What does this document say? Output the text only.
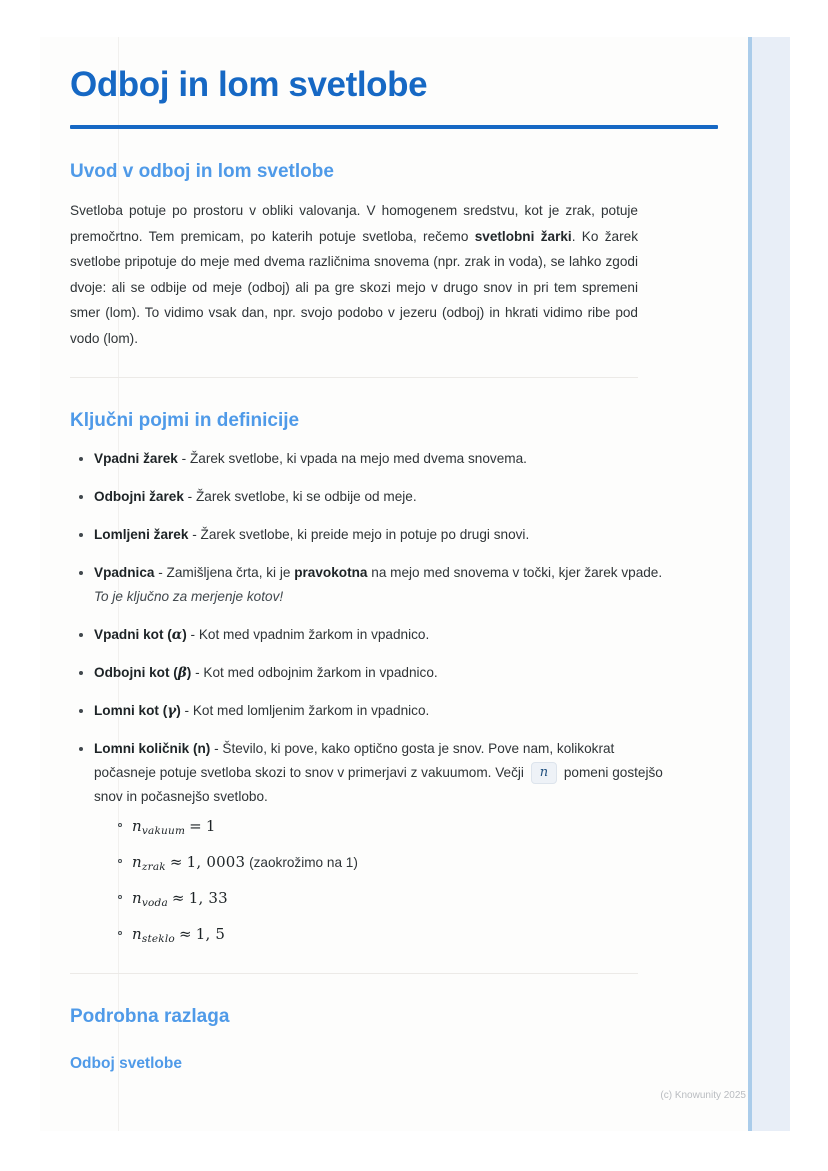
Odboj in lom svetlobe
Uvod v odboj in lom svetlobe

Svetloba potuje po prostoru v obliki valovanja. V homogenem sredstvu, kot je zrak, potuje premočrtno. Tem premicam, po katerih potuje svetloba, rečemo svetlobni žarki. Ko žarek svetlobe pripotuje do meje med dvema različnima snovema (npr. zrak in voda), se lahko zgodi dvoje: ali se odbije od meje (odboj) ali pa gre skozi mejo v drugo snov in pri tem spremeni smer (lom). To vidimo vsak dan, npr. svojo podobo v jezeru (odboj) in hkrati vidimo ribe pod vodo (lom).

Ključni pojmi in definicije
Vpadni žarek - Žarek svetlobe, ki vpada na mejo med dvema snovema.
Odbojni žarek - Žarek svetlobe, ki se odbije od meje.
Lomljeni žarek - Žarek svetlobe, ki preide mejo in potuje po drugi snovi.
Vpadnica - Zamišljena črta, ki je pravokotna na mejo med snovema v točki, kjer žarek vpade. To je ključno za merjenje kotov!
Vpadni kot (α) - Kot med vpadnim žarkom in vpadnico.
Odbojni kot (β) - Kot med odbojnim žarkom in vpadnico.
Lomni kot (γ) - Kot med lomljenim žarkom in vpadnico.
Lomni količnik (n) - Število, ki pove, kako optično gosta je snov. Pove nam, kolikokrat počasneje potuje svetloba skozi to snov v primerjavi z vakuumom. Večji n pomeni gostejšo snov in počasnejšo svetlobo.
$n_{vakuum} = 1$
$n_{zrak} \approx 1$, 0003 (zaokrožimo na 1)
$n_{voda} \approx 1$, 33
$n_{steklo} \approx 1$, 5
Podrobna razlaga
Odboj svetlobe
(c) Knowunity 2025
